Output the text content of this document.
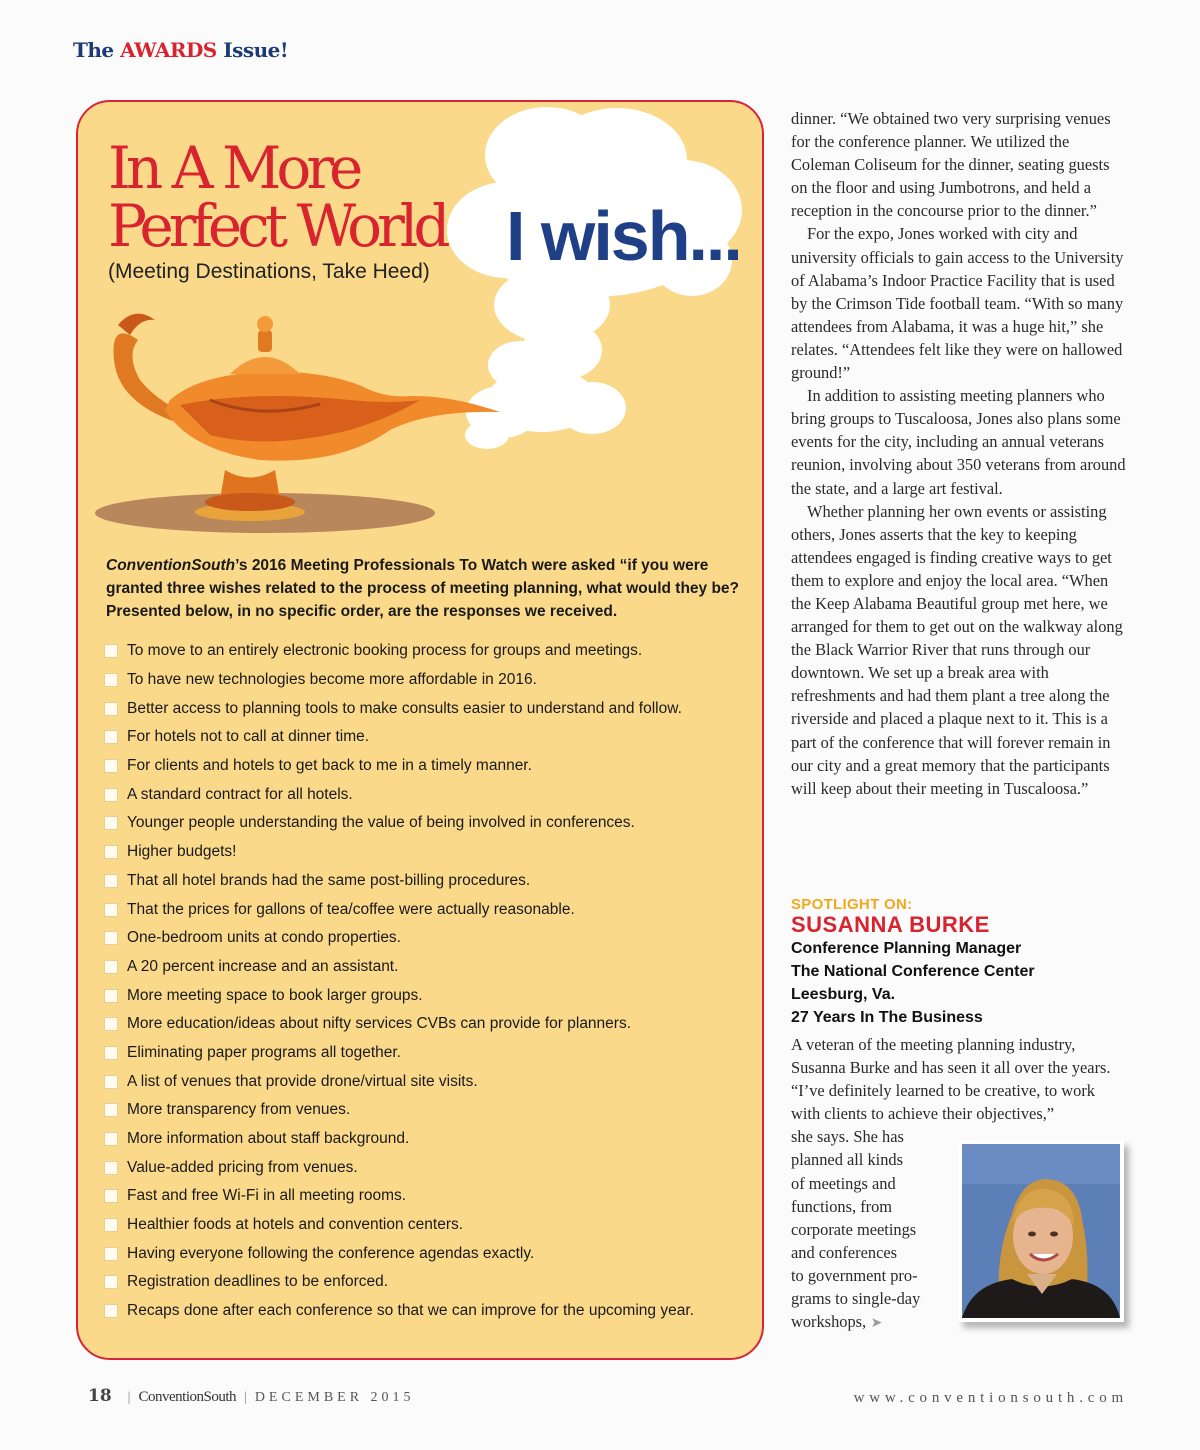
The AWARDS Issue!
I wish...
In A More
Perfect World
(Meeting Destinations, Take Heed)
ConventionSouth’s 2016 Meeting Professionals To Watch were asked “if you were granted three wishes related to the process of meeting planning, what would they be? Presented below, in no specific order, are the responses we received.
To move to an entirely electronic booking process for groups and meetings.
To have new technologies become more affordable in 2016.
Better access to planning tools to make consults easier to understand and follow.
For hotels not to call at dinner time.
For clients and hotels to get back to me in a timely manner.
A standard contract for all hotels.
Younger people understanding the value of being involved in conferences.
Higher budgets!
That all hotel brands had the same post-billing procedures.
That the prices for gallons of tea/coffee were actually reasonable.
One-bedroom units at condo properties.
A 20 percent increase and an assistant.
More meeting space to book larger groups.
More education/ideas about nifty services CVBs can provide for planners.
Eliminating paper programs all together.
A list of venues that provide drone/virtual site visits.
More transparency from venues.
More information about staff background.
Value-added pricing from venues.
Fast and free Wi-Fi in all meeting rooms.
Healthier foods at hotels and convention centers.
Having everyone following the conference agendas exactly.
Registration deadlines to be enforced.
Recaps done after each conference so that we can improve for the upcoming year.

dinner. “We obtained two very surprising venues for the conference planner. We utilized the Coleman Coliseum for the dinner, seating guests on the floor and using Jumbotrons, and held a reception in the concourse prior to the dinner.”

For the expo, Jones worked with city and university officials to gain access to the University of Alabama’s Indoor Practice Facility that is used by the Crimson Tide football team. “With so many attendees from Alabama, it was a huge hit,” she relates. “Attendees felt like they were on hallowed ground!”

In addition to assisting meeting planners who bring groups to Tuscaloosa, Jones also plans some events for the city, including an annual veterans reunion, involving about 350 veterans from around the state, and a large art festival.

Whether planning her own events or assisting others, Jones asserts that the key to keeping attendees engaged is finding creative ways to get them to explore and enjoy the local area. “When the Keep Alabama Beautiful group met here, we arranged for them to get out on the walkway along the Black Warrior River that runs through our downtown. We set up a break area with refreshments and had them plant a tree along the riverside and placed a plaque next to it. This is a part of the conference that will forever remain in our city and a great memory that the participants will keep about their meeting in Tuscaloosa.”

SPOTLIGHT ON:
SUSANNA BURKE
Conference Planning Manager
The National Conference Center
Leesburg, Va.
27 Years In The Business
A veteran of the meeting planning industry, Susanna Burke and has seen it all over the years. “I’ve definitely learned to be creative, to work with clients to achieve their objectives,”
she says. She has
planned all kinds
of meetings and
functions, from
corporate meetings
and conferences
to government pro-
grams to single-day
workshops, ➤
18 | ConventionSouth | DECEMBER 2015	www.conventionsouth.com
